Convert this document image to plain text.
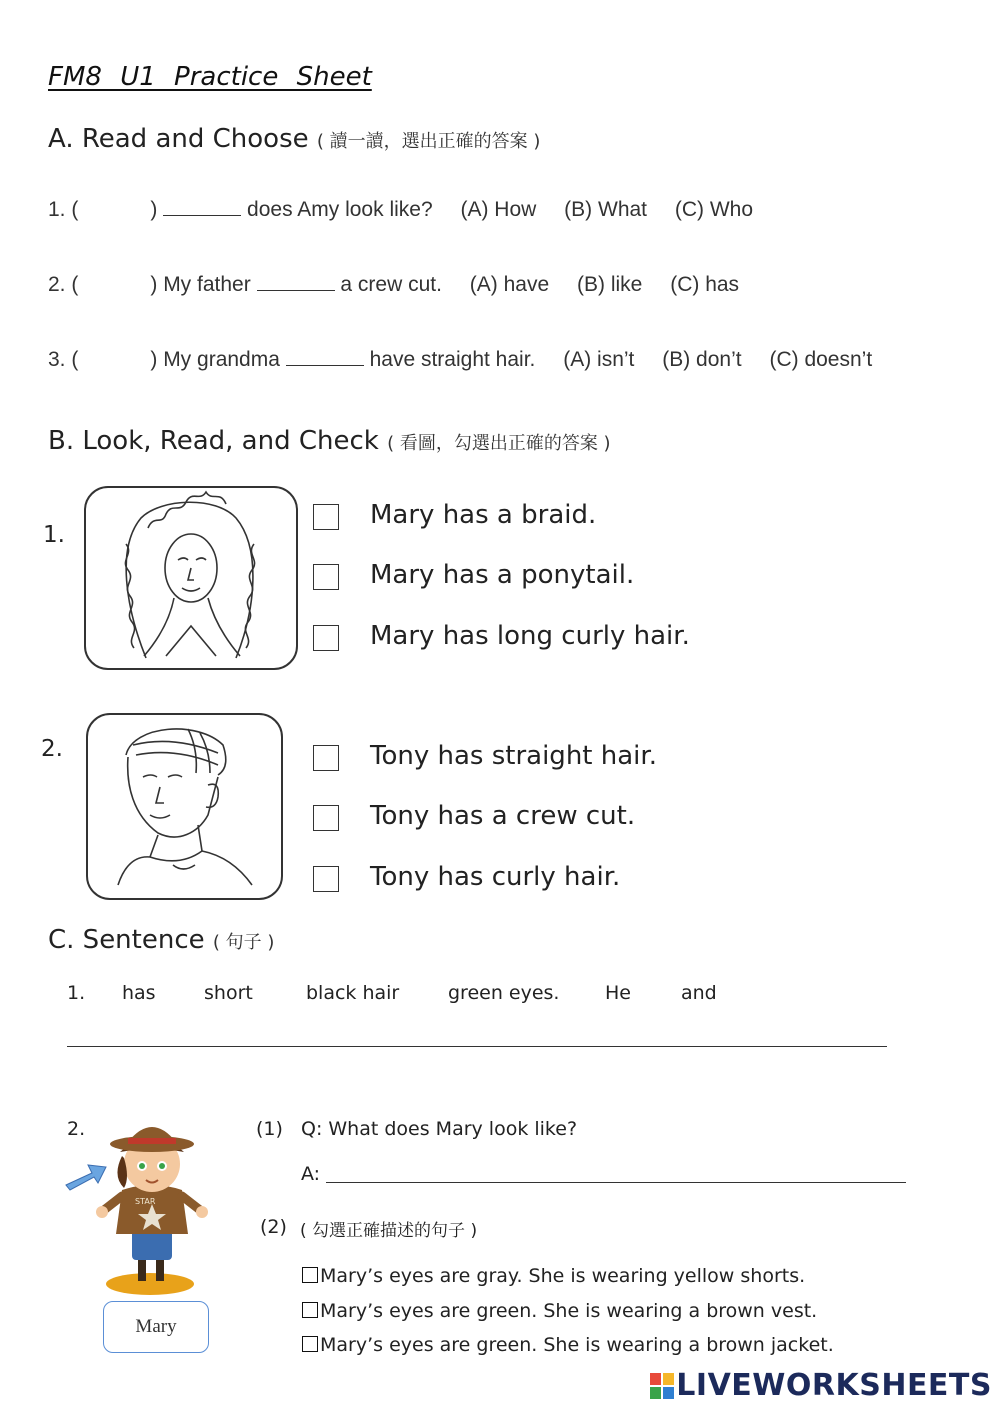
FM8 U1 Practice Sheet
A. Read and Choose ( 讀一讀，選出正確的答案 )
1. (	)	does Amy look like? (A) How (B) What (C) Who
2. (	) My father	a crew cut. (A) have (B) like (C) has
3. (	) My grandma	have straight hair. (A) isn’t (B) don’t (C) doesn’t
B. Look, Read, and Check ( 看圖，勾選出正確的答案 )
1.
Mary has a braid.
Mary has a ponytail.
Mary has long curly hair.
2.	Tony has straight hair.
Tony has a crew cut.
Tony has curly hair.
C. Sentence ( 句子 )
1. has	short	black hair	green eyes. He	and
2.
STAR
Mary
(1) Q: What does Mary look like?
A:
(2) ( 勾選正確描述的句子 )
Mary’s eyes are gray. She is wearing yellow shorts.
Mary’s eyes are green. She is wearing a brown vest.
Mary’s eyes are green. She is wearing a brown jacket.
LIVEWORKSHEETS
